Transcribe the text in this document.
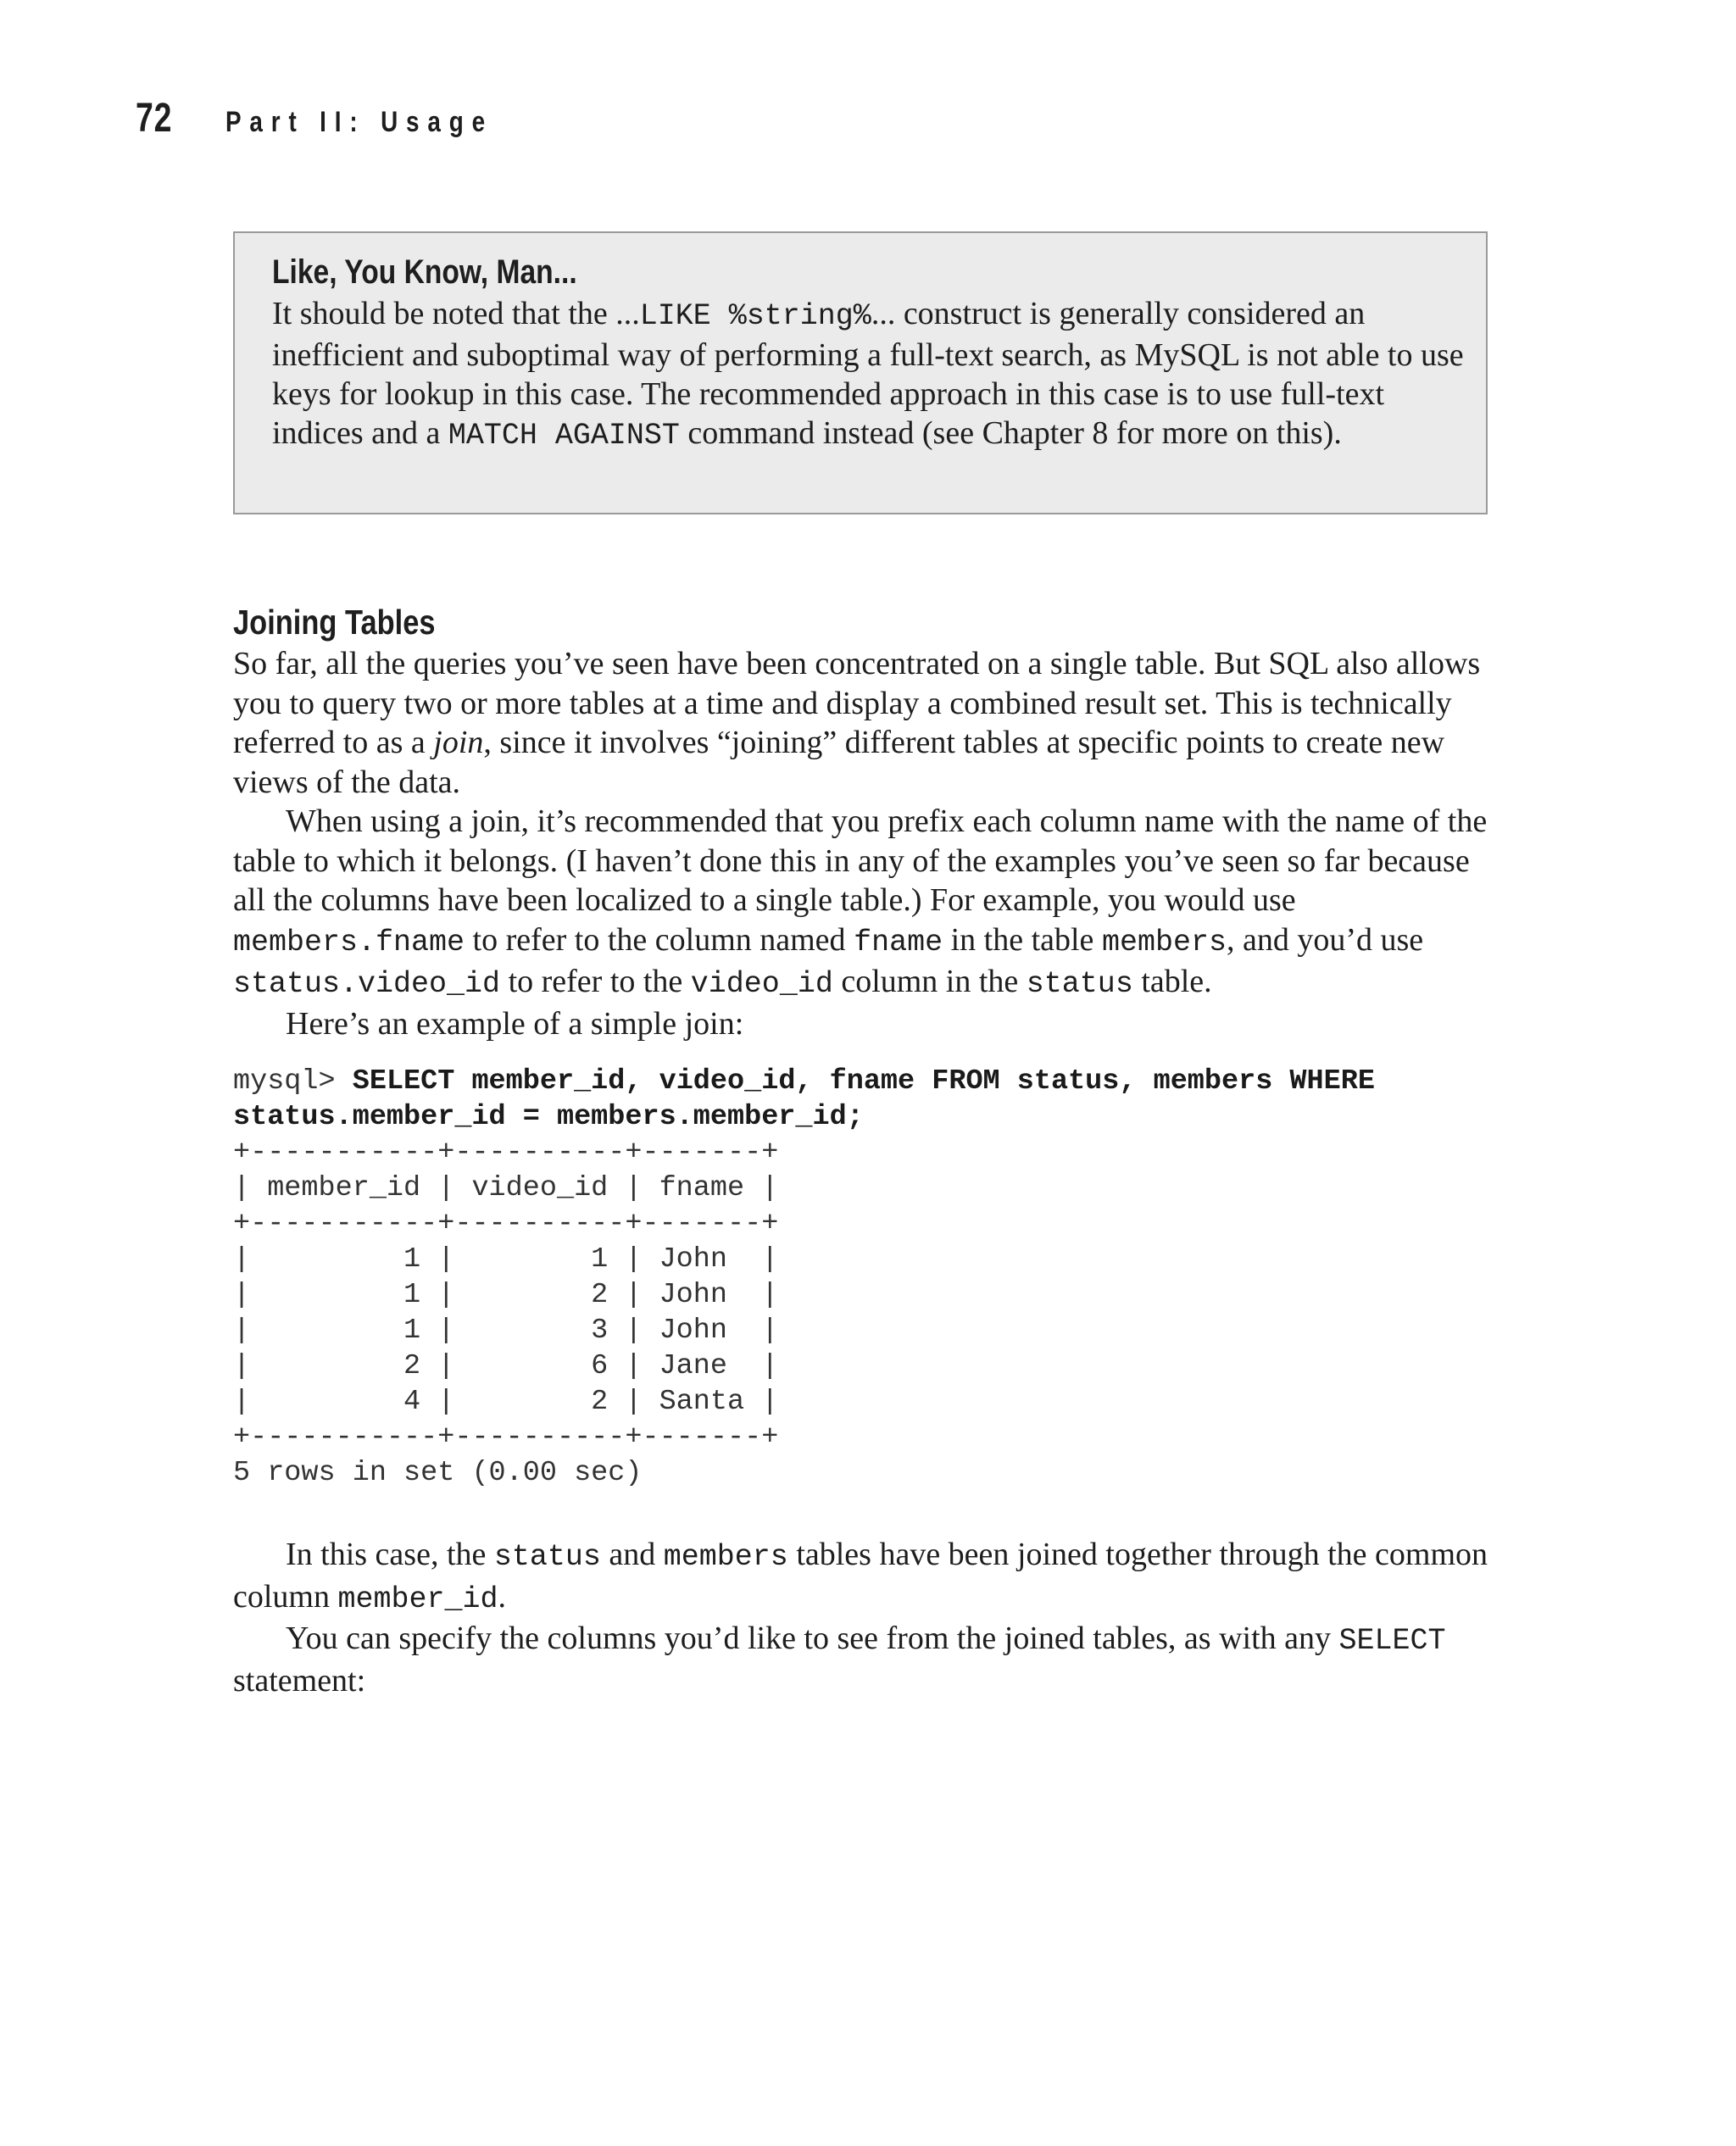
72	Part II: Usage
Like, You Know, Man...

It should be noted that the ...LIKE %string%... construct is generally considered an inefficient and suboptimal way of performing a full-text search, as MySQL is not able to use keys for lookup in this case. The recommended approach in this case is to use full-text indices and a MATCH AGAINST command instead (see Chapter 8 for more on this).

Joining Tables

So far, all the queries you’ve seen have been concentrated on a single table. But SQL also allows you to query two or more tables at a time and display a combined result set. This is technically referred to as a join, since it involves “joining” different tables at specific points to create new views of the data.

When using a join, it’s recommended that you prefix each column name with the name of the table to which it belongs. (I haven’t done this in any of the examples you’ve seen so far because all the columns have been localized to a single table.) For example, you would use members.fname to refer to the column named fname in the table members, and you’d use status.video_id to refer to the video_id column in the status table.

Here’s an example of a simple join:

mysql> SELECT member_id, video_id, fname FROM status, members WHERE
status.member_id = members.member_id;
+-----------+----------+-------+
| member_id | video_id | fname |
+-----------+----------+-------+
|         1 |        1 | John  |
|         1 |        2 | John  |
|         1 |        3 | John  |
|         2 |        6 | Jane  |
|         4 |        2 | Santa |
+-----------+----------+-------+
5 rows in set (0.00 sec)

In this case, the status and members tables have been joined together through the common column member_id.

You can specify the columns you’d like to see from the joined tables, as with any SELECT statement:
